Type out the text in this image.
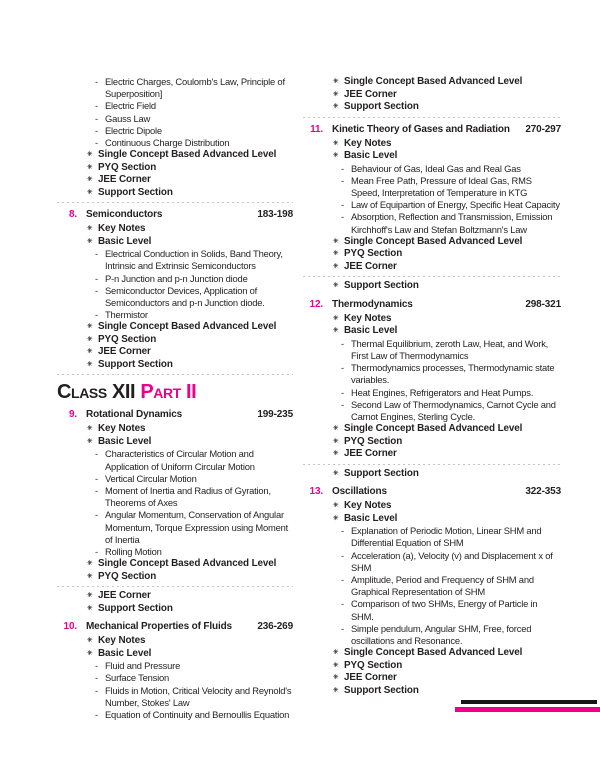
- Electric Charges, Coulomb's Law, Principle of Superposition]
- Electric Field
- Gauss Law
- Electric Dipole
- Continuous Charge Distribution
✳ Single Concept Based Advanced Level
✳ PYQ Section
✳ JEE Corner
✳ Support Section
8. Semiconductors	183-198
✳ Key Notes
✳ Basic Level
- Electrical Conduction in Solids, Band Theory, Intrinsic and Extrinsic Semiconductors
- P-n Junction and p-n Junction diode
- Semiconductor Devices, Application of Semiconductors and p-n Junction diode.
- Thermistor
✳ Single Concept Based Advanced Level
✳ PYQ Section
✳ JEE Corner
✳ Support Section
Class XII Part II
9. Rotational Dynamics	199-235
✳ Key Notes
✳ Basic Level
- Characteristics of Circular Motion and Application of Uniform Circular Motion
- Vertical Circular Motion
- Moment of Inertia and Radius of Gyration, Theorems of Axes
- Angular Momentum, Conservation of Angular Momentum, Torque Expression using Moment of Inertia
- Rolling Motion
✳ Single Concept Based Advanced Level
✳ PYQ Section
✳ JEE Corner
✳ Support Section
10. Mechanical Properties of Fluids	236-269
✳ Key Notes
✳ Basic Level
- Fluid and Pressure
- Surface Tension
- Fluids in Motion, Critical Velocity and Reynold's Number, Stokes' Law
- Equation of Continuity and Bernoullis Equation
✳ Single Concept Based Advanced Level
✳ JEE Corner
✳ Support Section
11. Kinetic Theory of Gases and Radiation	270-297
✳ Key Notes
✳ Basic Level
- Behaviour of Gas, Ideal Gas and Real Gas
- Mean Free Path, Pressure of Ideal Gas, RMS Speed, Interpretation of Temperature in KTG
- Law of Equipartion of Energy, Specific Heat Capacity
- Absorption, Reflection and Transmission, Emission Kirchhoff's Law and Stefan Boltzmann's Law
✳ Single Concept Based Advanced Level
✳ PYQ Section
✳ JEE Corner
✳ Support Section
12. Thermodynamics	298-321
✳ Key Notes
✳ Basic Level
- Thermal Equilibrium, zeroth Law, Heat, and Work, First Law of Thermodynamics
- Thermodynamics processes, Thermodynamic state variables.
- Heat Engines, Refrigerators and Heat Pumps.
- Second Law of Thermodynamics, Carnot Cycle and Carnot Engines, Sterling Cycle.
✳ Single Concept Based Advanced Level
✳ PYQ Section
✳ JEE Corner
✳ Support Section
13. Oscillations	322-353
✳ Key Notes
✳ Basic Level
- Explanation of Periodic Motion, Linear SHM and Differential Equation of SHM
- Acceleration (a), Velocity (v) and Displacement x of SHM
- Amplitude, Period and Frequency of SHM and Graphical Representation of SHM
- Comparison of two SHMs, Energy of Particle in SHM.
- Simple pendulum, Angular SHM, Free, forced oscillations and Resonance.
✳ Single Concept Based Advanced Level
✳ PYQ Section
✳ JEE Corner
✳ Support Section
